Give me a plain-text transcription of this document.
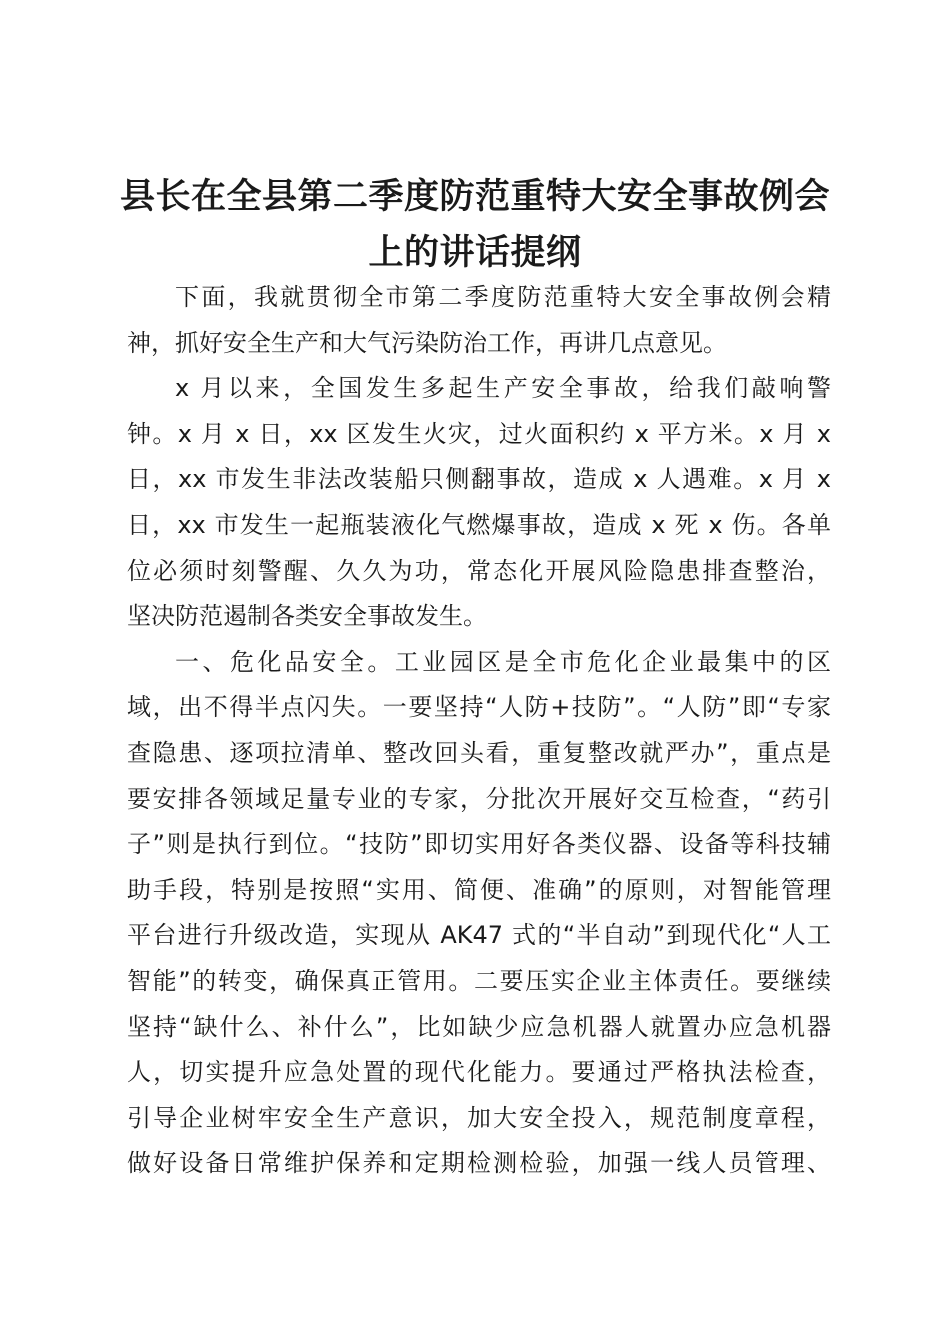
县长在全县第二季度防范重特大安全事故例会
上的讲话提纲
下面，我就贯彻全市第二季度防范重特大安全事故例会精
神，抓好安全生产和大气污染防治工作，再讲几点意见。
x 月以来，全国发生多起生产安全事故，给我们敲响警
钟。x 月 x 日，xx 区发生火灾，过火面积约 x 平方米。x 月 x
日，xx 市发生非法改装船只侧翻事故，造成 x 人遇难。x 月 x
日，xx 市发生一起瓶装液化气燃爆事故，造成 x 死 x 伤。各单
位必须时刻警醒、久久为功，常态化开展风险隐患排查整治，
坚决防范遏制各类安全事故发生。
一、危化品安全。工业园区是全市危化企业最集中的区
域，出不得半点闪失。一要坚持“人防+技防”。“人防”即“专家
查隐患、逐项拉清单、整改回头看，重复整改就严办”，重点是
要安排各领域足量专业的专家，分批次开展好交互检查，“药引
子”则是执行到位。“技防”即切实用好各类仪器、设备等科技辅
助手段，特别是按照“实用、简便、准确”的原则，对智能管理
平台进行升级改造，实现从 AK47 式的“半自动”到现代化“人工
智能”的转变，确保真正管用。二要压实企业主体责任。要继续
坚持“缺什么、补什么”，比如缺少应急机器人就置办应急机器
人，切实提升应急处置的现代化能力。要通过严格执法检查，
引导企业树牢安全生产意识，加大安全投入，规范制度章程，
做好设备日常维护保养和定期检测检验，加强一线人员管理、
